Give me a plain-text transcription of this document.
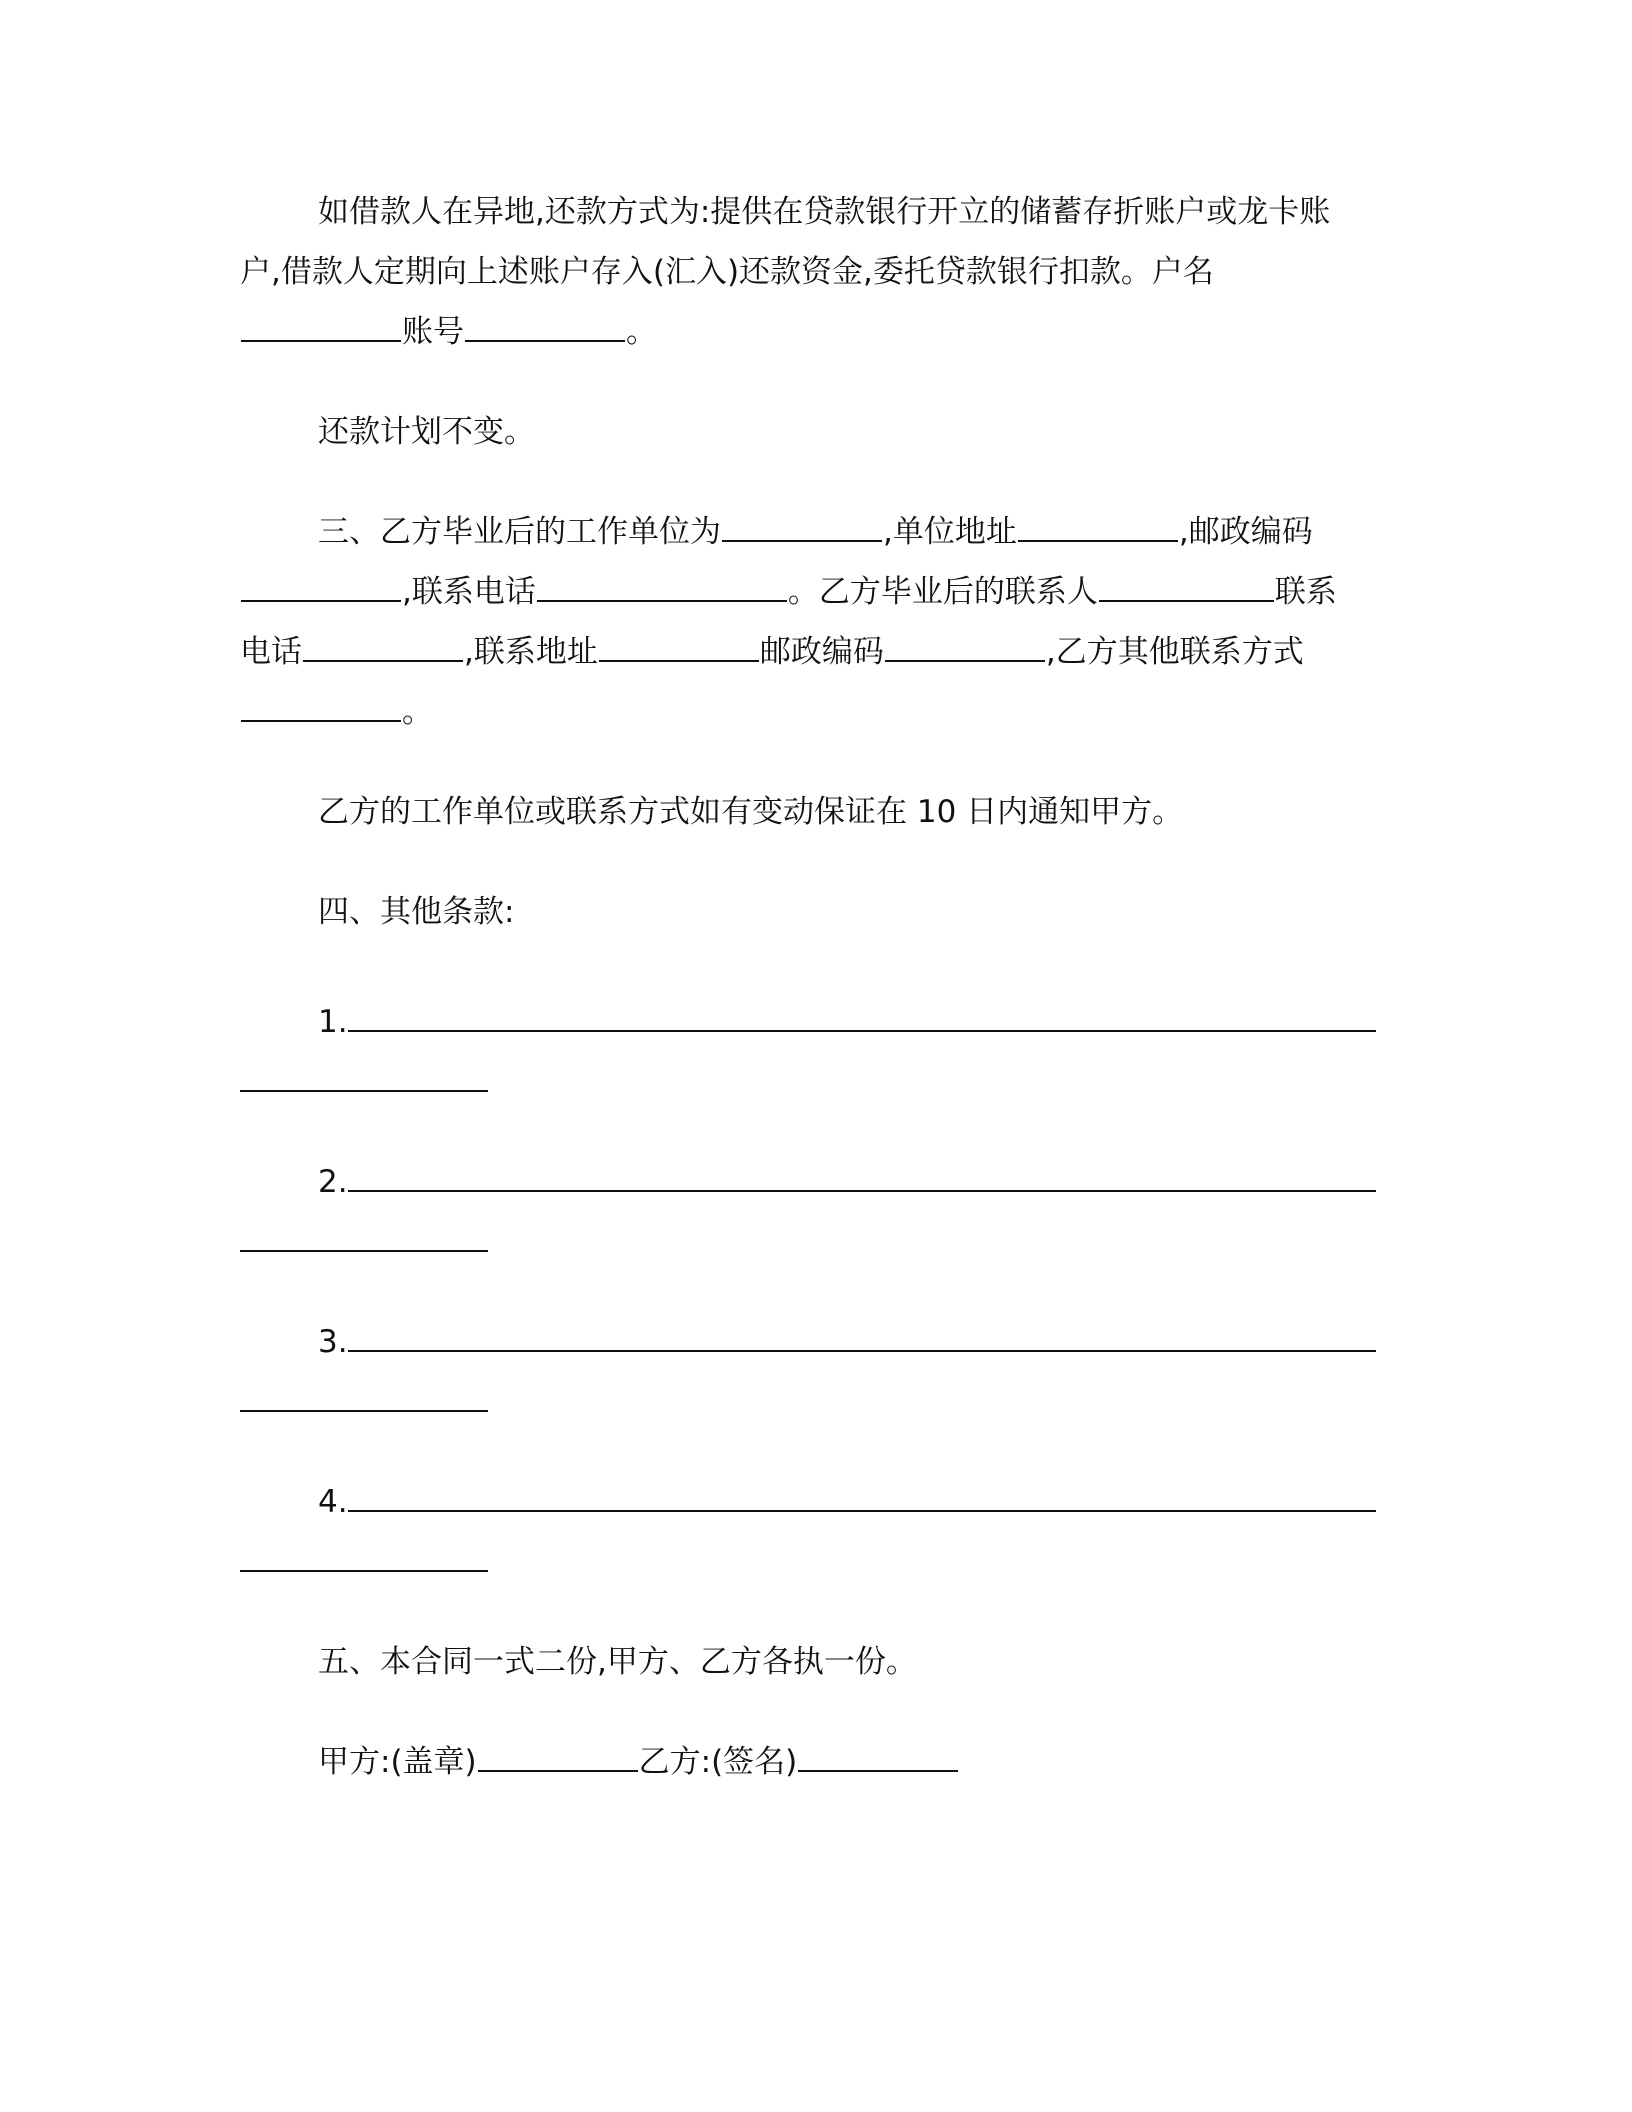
如借款人在异地,还款方式为:提供在贷款银行开立的储蓄存折账户或龙卡账
户,借款人定期向上述账户存入(汇入)还款资金,委托贷款银行扣款。户名
账号	。
还款计划不变。
三、乙方毕业后的工作单位为	,单位地址	,邮政编码
,联系电话	。乙方毕业后的联系人	联系
电话	,联系地址	邮政编码	,乙方其他联系方式
。
乙方的工作单位或联系方式如有变动保证在 10 日内通知甲方。
四、其他条款:
1.
2.
3.
4.
五、本合同一式二份,甲方、乙方各执一份。
甲方:(盖章)	乙方:(签名)
